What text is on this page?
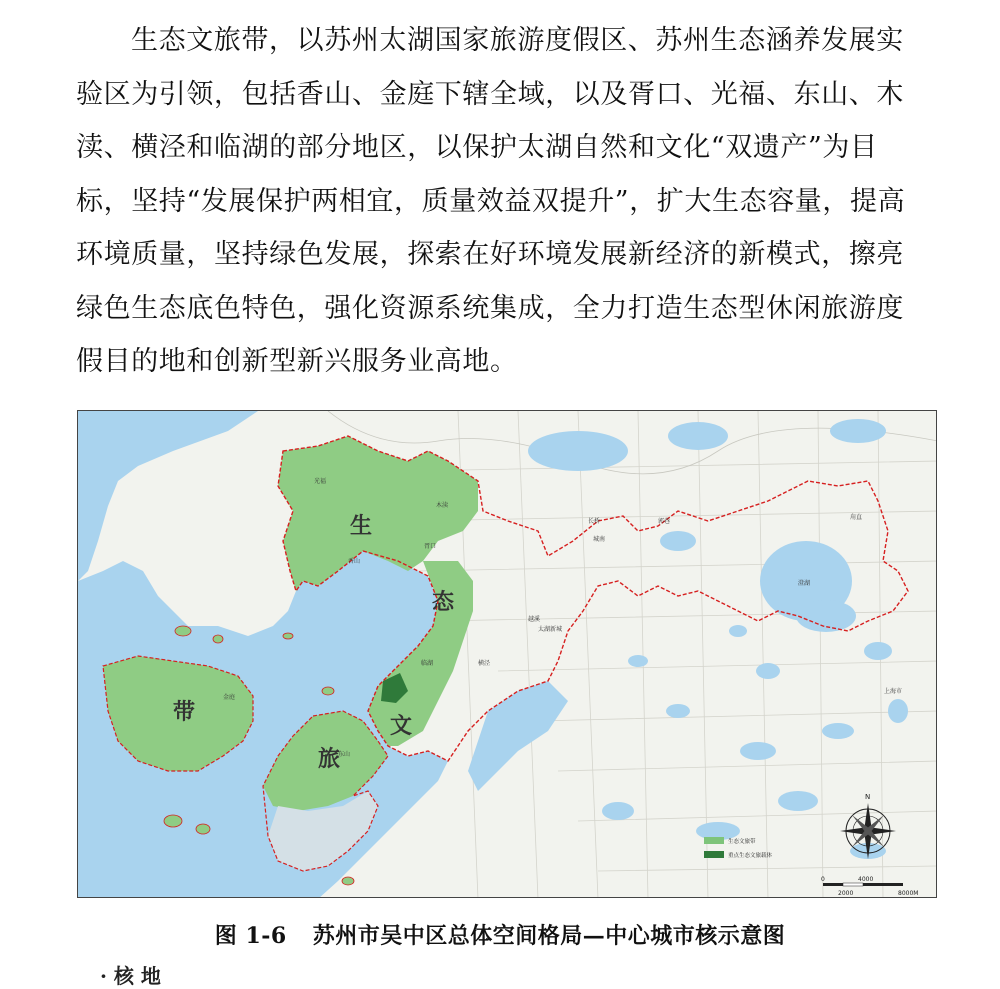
生态文旅带，以苏州太湖国家旅游度假区、苏州生态涵养发展实
验区为引领，包括香山、金庭下辖全域，以及胥口、光福、东山、木
渎、横泾和临湖的部分地区，以保护太湖自然和文化“双遗产”为目
标，坚持“发展保护两相宜，质量效益双提升”，扩大生态容量，提高
环境质量，坚持绿色发展，探索在好环境发展新经济的新模式，擦亮
绿色生态底色特色，强化资源系统集成，全力打造生态型休闲旅游度
假目的地和创新型新兴服务业高地。

生
态
文
旅
带
光福
木渎
香山
胥口
临湖	横泾
越溪
太湖新城
金庭
东山
长桥	郭巷
城南
甪直
澄湖
上海市
N
生态文旅带
重点生态文旅载体
0
2000
4000
8000M
图 1-6 苏州市吴中区总体空间格局—中心城市核示意图
· 核 地
